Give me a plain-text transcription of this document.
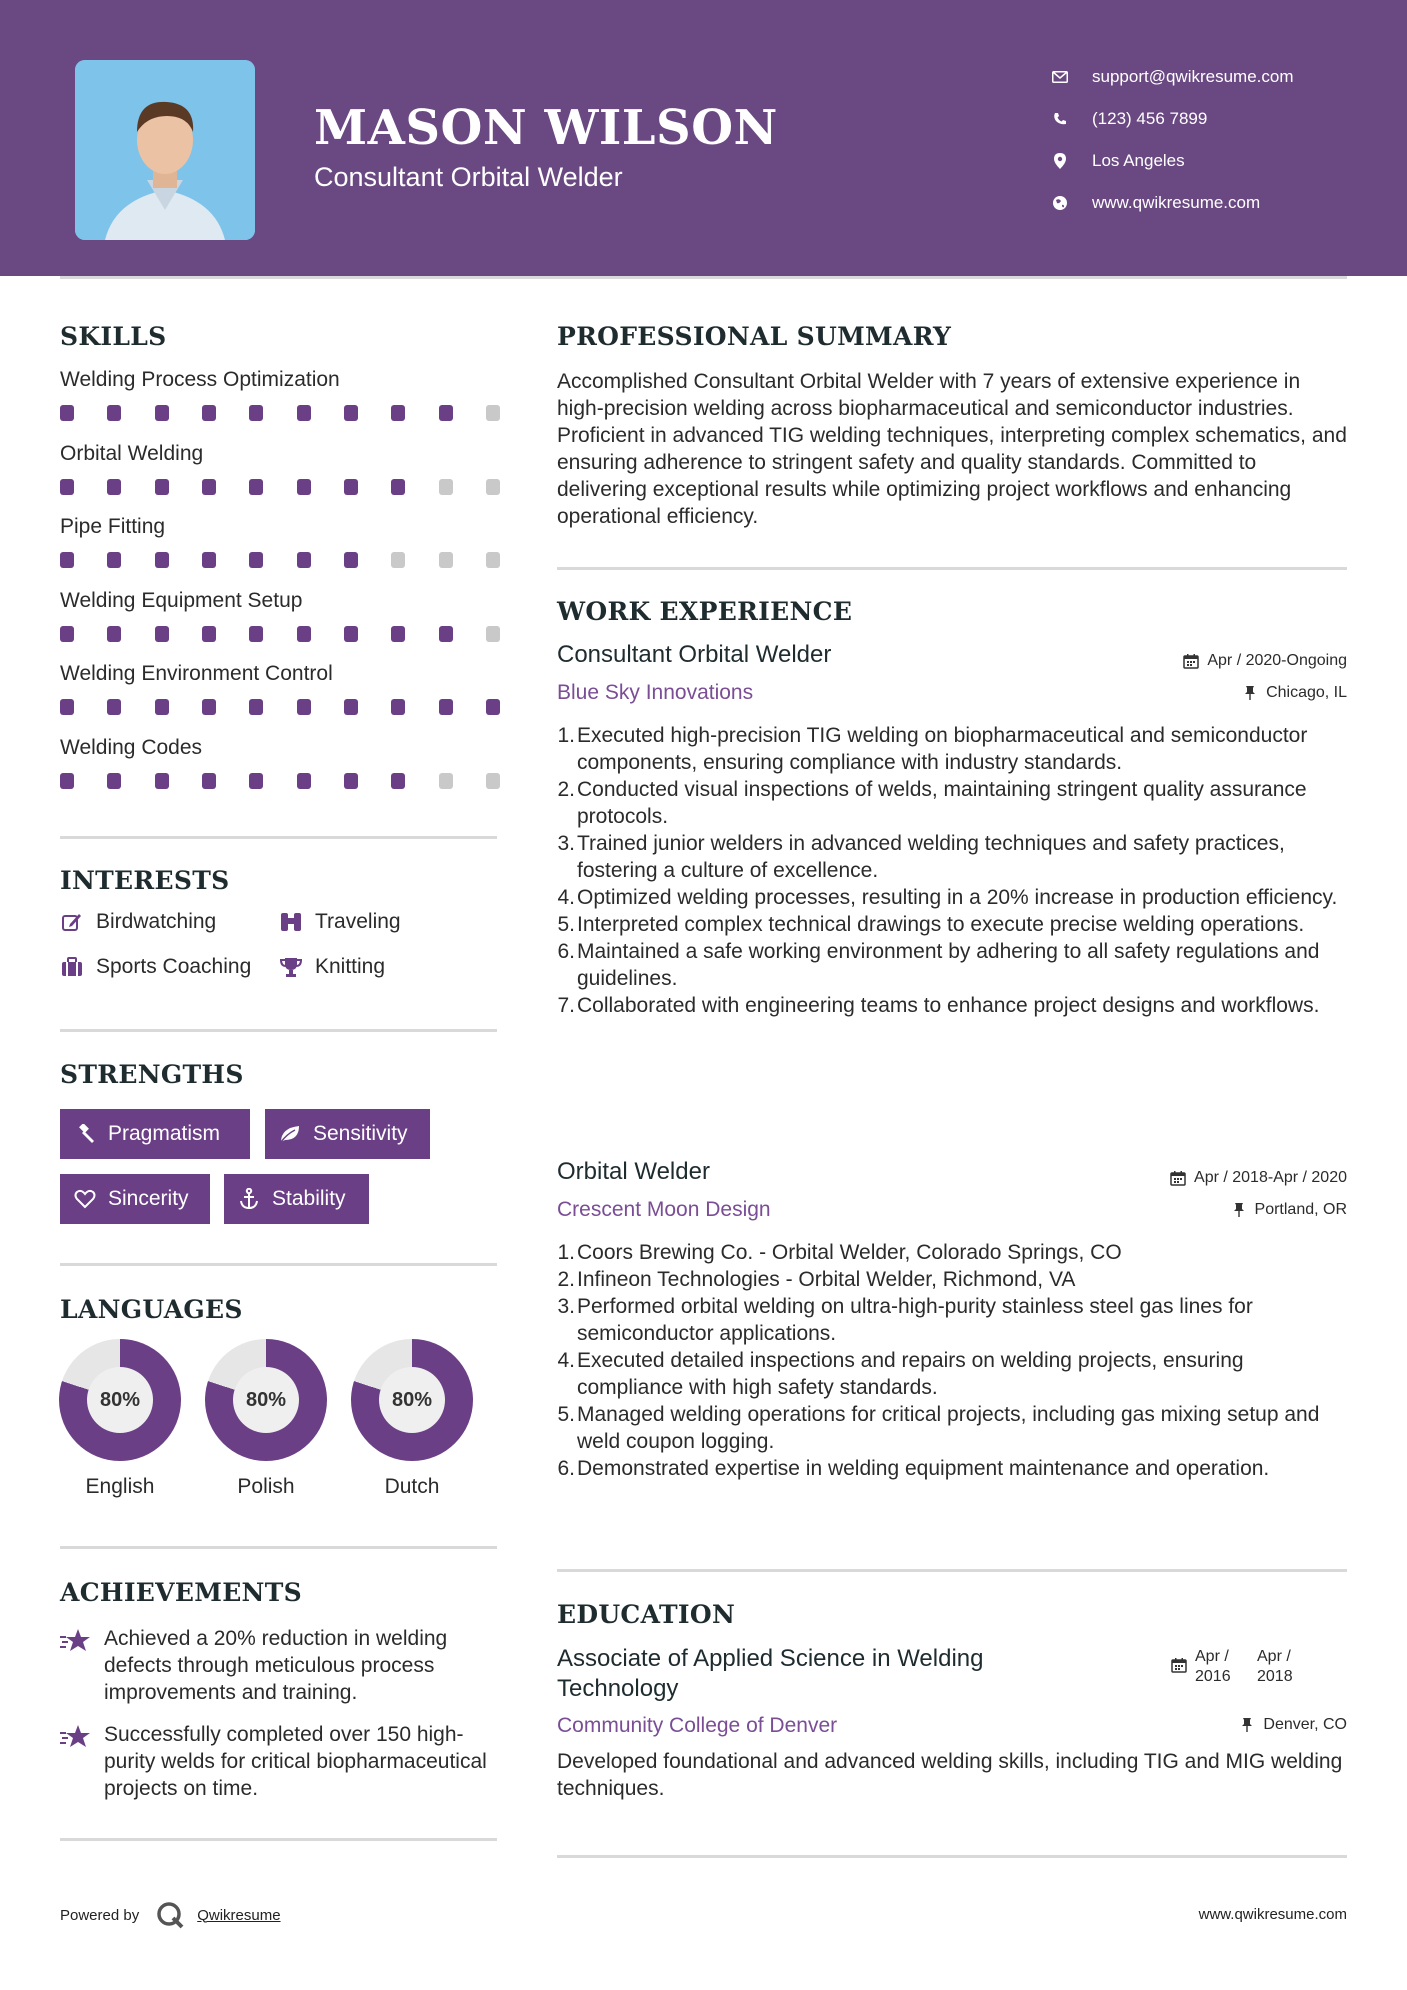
MASON WILSON
Consultant Orbital Welder
support@qwikresume.com
(123) 456 7899
Los Angeles
www.qwikresume.com
SKILLS
Welding Process Optimization
Orbital Welding
Pipe Fitting
Welding Equipment Setup
Welding Environment Control
Welding Codes
INTERESTS
Birdwatching	Traveling
Sports Coaching	Knitting
STRENGTHS
Pragmatism	Sensitivity
Sincerity	Stability
LANGUAGES
80%
English
80%
Polish
80%
Dutch
ACHIEVEMENTS
Achieved a 20% reduction in welding defects through meticulous process improvements and training.
Successfully completed over 150 high-purity welds for critical biopharmaceutical projects on time.
PROFESSIONAL SUMMARY
Accomplished Consultant Orbital Welder with 7 years of extensive experience in high-precision welding across biopharmaceutical and semiconductor industries. Proficient in advanced TIG welding techniques, interpreting complex schematics, and ensuring adherence to stringent safety and quality standards. Committed to delivering exceptional results while optimizing project workflows and enhancing operational efficiency.
WORK EXPERIENCE
Consultant Orbital Welder	Apr / 2020-Ongoing
Blue Sky Innovations	Chicago, IL
1. Executed high-precision TIG welding on biopharmaceutical and semiconductor components, ensuring compliance with industry standards.
2. Conducted visual inspections of welds, maintaining stringent quality assurance protocols.
3. Trained junior welders in advanced welding techniques and safety practices, fostering a culture of excellence.
4. Optimized welding processes, resulting in a 20% increase in production efficiency.
5. Interpreted complex technical drawings to execute precise welding operations.
6. Maintained a safe working environment by adhering to all safety regulations and guidelines.
7. Collaborated with engineering teams to enhance project designs and workflows.
Orbital Welder	Apr / 2018-Apr / 2020
Crescent Moon Design	Portland, OR
1. Coors Brewing Co. - Orbital Welder, Colorado Springs, CO
2. Infineon Technologies - Orbital Welder, Richmond, VA
3. Performed orbital welding on ultra-high-purity stainless steel gas lines for semiconductor applications.
4. Executed detailed inspections and repairs on welding projects, ensuring compliance with high safety standards.
5. Managed welding operations for critical projects, including gas mixing setup and weld coupon logging.
6. Demonstrated expertise in welding equipment maintenance and operation.
EDUCATION
Associate of Applied Science in Welding Technology
Apr / 2016
Apr / 2018
Community College of Denver	Denver, CO
Developed foundational and advanced welding skills, including TIG and MIG welding techniques.
Powered by	Qwikresume	www.qwikresume.com
